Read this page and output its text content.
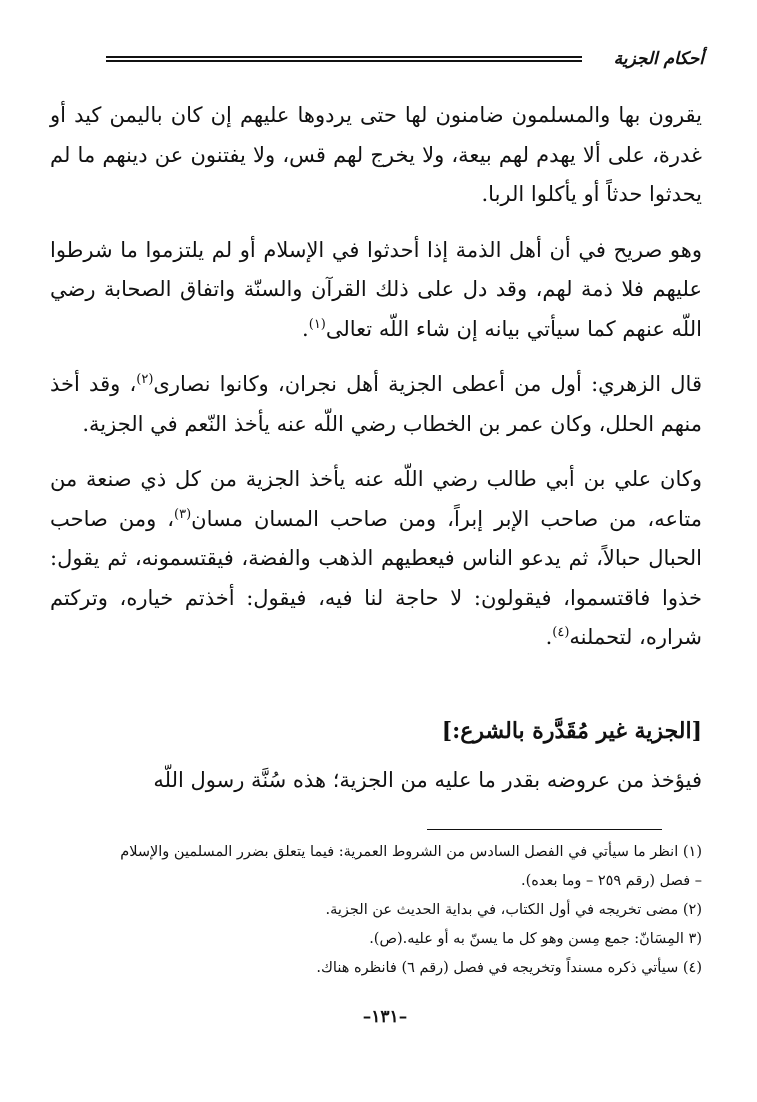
أحكام الجزية

يقرون بها والمسلمون ضامنون لها حتى يردوها عليهم إن كان باليمن كيد أو غدرة، على ألا يهدم لهم بيعة، ولا يخرج لهم قس، ولا يفتنون عن دينهم ما لم يحدثوا حدثاً أو يأكلوا الربا.

وهو صريح في أن أهل الذمة إذا أحدثوا في الإسلام أو لم يلتزموا ما شرطوا عليهم فلا ذمة لهم، وقد دل على ذلك القرآن والسنّة واتفاق الصحابة رضي اللّه عنهم كما سيأتي بيانه إن شاء اللّه تعالى$^{(١)}$.

قال الزهري: أول من أعطى الجزية أهل نجران، وكانوا نصارى$^{(٢)}$، وقد أخذ منهم الحلل، وكان عمر بن الخطاب رضي اللّه عنه يأخذ النّعم في الجزية.

وكان علي بن أبي طالب رضي اللّه عنه يأخذ الجزية من كل ذي صنعة من متاعه، من صاحب الإبر إبراً، ومن صاحب المسان مسان$^{(٣)}$، ومن صاحب الحبال حبالاً، ثم يدعو الناس فيعطيهم الذهب والفضة، فيقتسمونه، ثم يقول: خذوا فاقتسموا، فيقولون: لا حاجة لنا فيه، فيقول: أخذتم خياره، وتركتم شراره، لتحملنه$^{(٤)}$.

[الجزية غير مُقَدَّرة بالشرع:]
فيؤخذ من عروضه بقدر ما عليه من الجزية؛ هذه سُنَّة رسول اللّه

(١) انظر ما سيأتي في الفصل السادس من الشروط العمرية: فيما يتعلق بضرر المسلمين والإسلام

– فصل (رقم ٢٥٩ – وما بعده).

(٢) مضى تخريجه في أول الكتاب، في بداية الحديث عن الجزية.

(٣ المِسَانّ: جمع مِسن وهو كل ما يسنّ به أو عليه.(ص).

(٤) سيأتي ذكره مسنداً وتخريجه في فصل (رقم ٦) فانظره هناك.

–١٣١–
